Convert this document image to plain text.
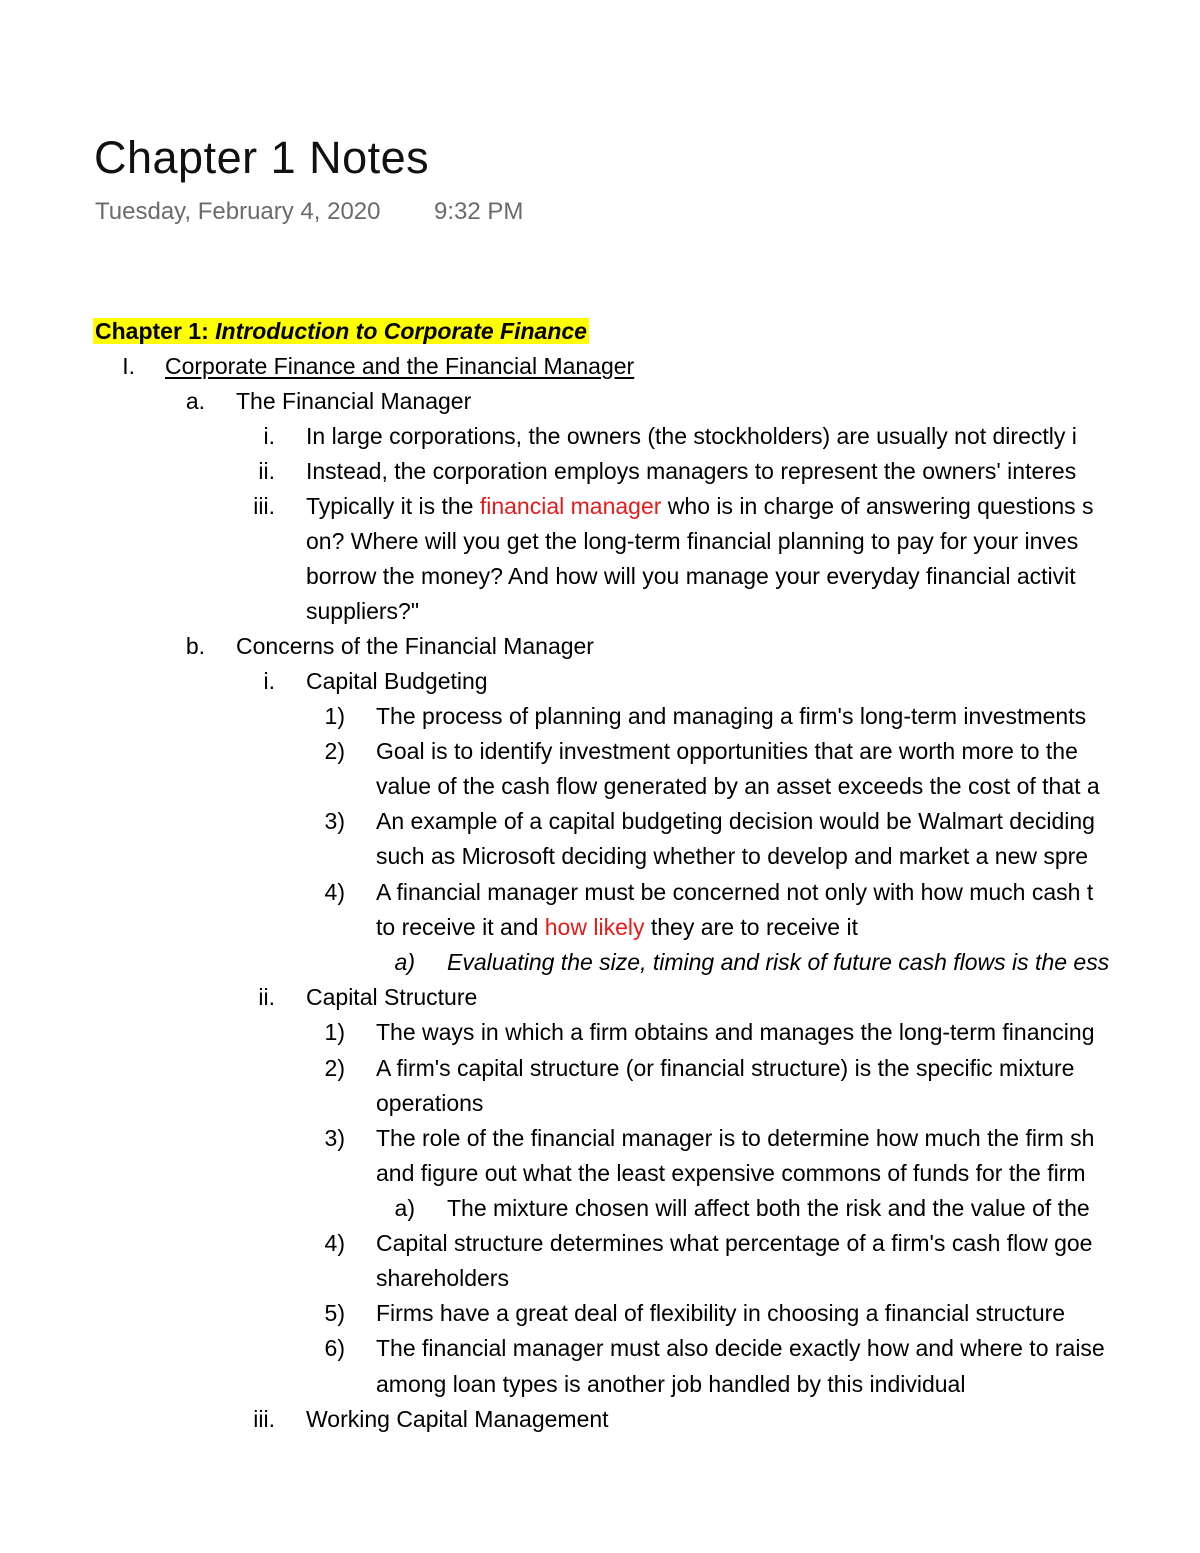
Chapter 1 Notes
Tuesday, February 4, 2020 9:32 PM
Chapter 1: Introduction to Corporate Finance
I. Corporate Finance and the Financial Manager
a. The Financial Manager
i. In large corporations, the owners (the stockholders) are usually not directly i
ii. Instead, the corporation employs managers to represent the owners' interes
iii. Typically it is the financial manager who is in charge of answering questions s
on? Where will you get the long-term financial planning to pay for your inves
borrow the money? And how will you manage your everyday financial activit
suppliers?"
b. Concerns of the Financial Manager
i. Capital Budgeting
1) The process of planning and managing a firm's long-term investments
2) Goal is to identify investment opportunities that are worth more to the
value of the cash flow generated by an asset exceeds the cost of that a
3) An example of a capital budgeting decision would be Walmart deciding
such as Microsoft deciding whether to develop and market a new spre
4) A financial manager must be concerned not only with how much cash t
to receive it and how likely they are to receive it
a) Evaluating the size, timing and risk of future cash flows is the ess
ii. Capital Structure
1) The ways in which a firm obtains and manages the long-term financing
2) A firm's capital structure (or financial structure) is the specific mixture
operations
3) The role of the financial manager is to determine how much the firm sh
and figure out what the least expensive commons of funds for the firm
a) The mixture chosen will affect both the risk and the value of the
4) Capital structure determines what percentage of a firm's cash flow goe
shareholders
5) Firms have a great deal of flexibility in choosing a financial structure
6) The financial manager must also decide exactly how and where to raise
among loan types is another job handled by this individual
iii. Working Capital Management
